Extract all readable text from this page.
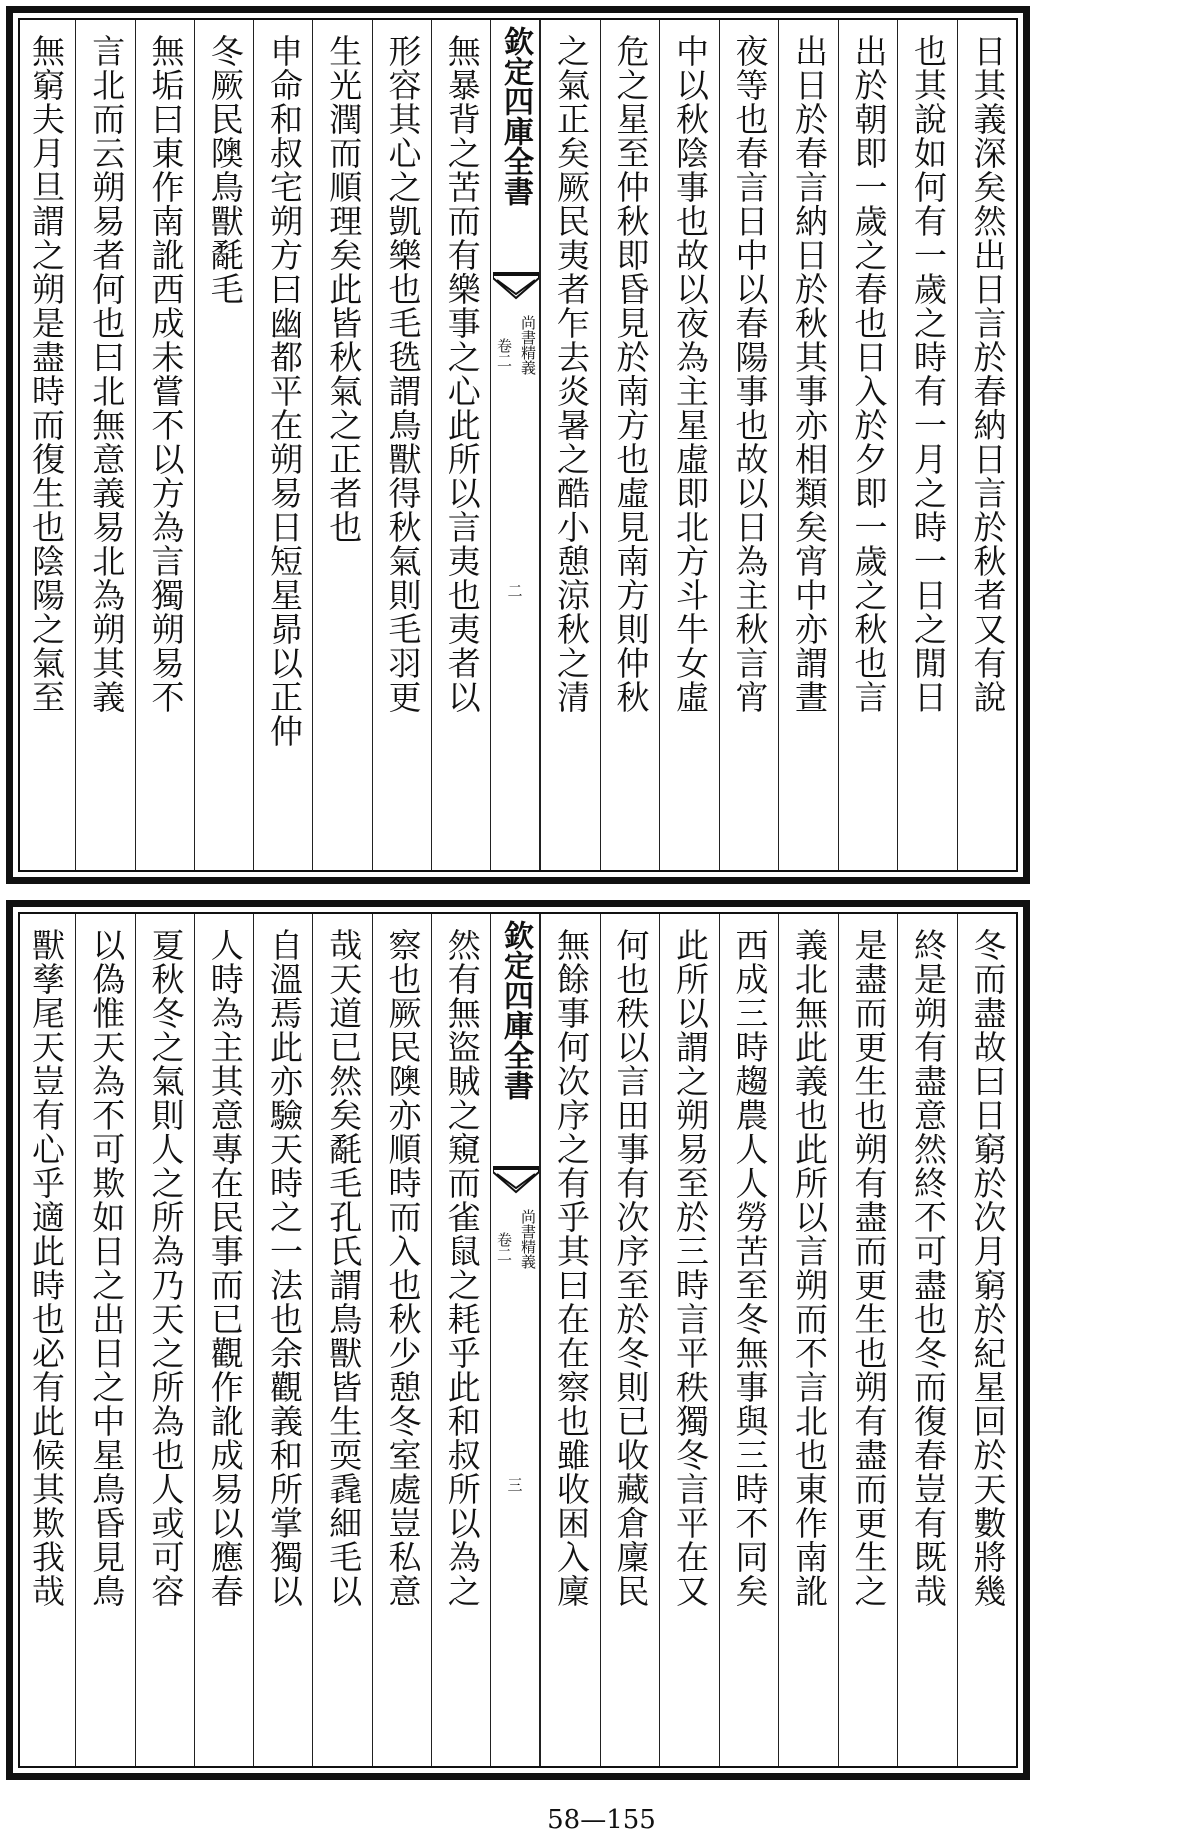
日其義深矣然出日言於春納日言於秋者又有說
也其說如何有一歲之時有一月之時一日之閒日
出於朝即一歲之春也日入於夕即一歲之秋也言
出日於春言納日於秋其事亦相類矣宵中亦謂晝
夜等也春言日中以春陽事也故以日為主秋言宵
中以秋陰事也故以夜為主星虛即北方斗牛女虛
危之星至仲秋即昏見於南方也虛見南方則仲秋
之氣正矣厥民夷者乍去炎暑之酷小憩涼秋之清
欽定四庫全書
尚書精義
卷二
二
無暴背之苦而有樂事之心此所以言夷也夷者以
形容其心之凱樂也毛毨謂鳥獸得秋氣則毛羽更
生光潤而順理矣此皆秋氣之正者也
申命和叔宅朔方曰幽都平在朔易日短星昴以正仲
冬厥民隩鳥獸氄毛
無垢曰東作南訛西成未嘗不以方為言獨朔易不
言北而云朔易者何也曰北無意義易北為朔其義
無窮夫月旦謂之朔是盡時而復生也陰陽之氣至
冬而盡故曰日窮於次月窮於紀星回於天數將幾
終是朔有盡意然終不可盡也冬而復春豈有既哉
是盡而更生也朔有盡而更生也朔有盡而更生之
義北無此義也此所以言朔而不言北也東作南訛
西成三時趨農人人勞苦至冬無事與三時不同矣
此所以謂之朔易至於三時言平秩獨冬言平在又
何也秩以言田事有次序至於冬則已收藏倉廩民
無餘事何次序之有乎其曰在在察也雖收困入廩
欽定四庫全書
尚書精義
卷二
三
然有無盜賊之窺而雀鼠之耗乎此和叔所以為之
察也厥民隩亦順時而入也秋少憩冬室處豈私意
哉天道已然矣氄毛孔氏謂鳥獸皆生耎毳細毛以
自溫焉此亦驗天時之一法也余觀義和所掌獨以
人時為主其意專在民事而已觀作訛成易以應春
夏秋冬之氣則人之所為乃天之所為也人或可容
以偽惟天為不可欺如日之出日之中星鳥昏見鳥
獸孳尾天豈有心乎適此時也必有此候其欺我哉
58—155
